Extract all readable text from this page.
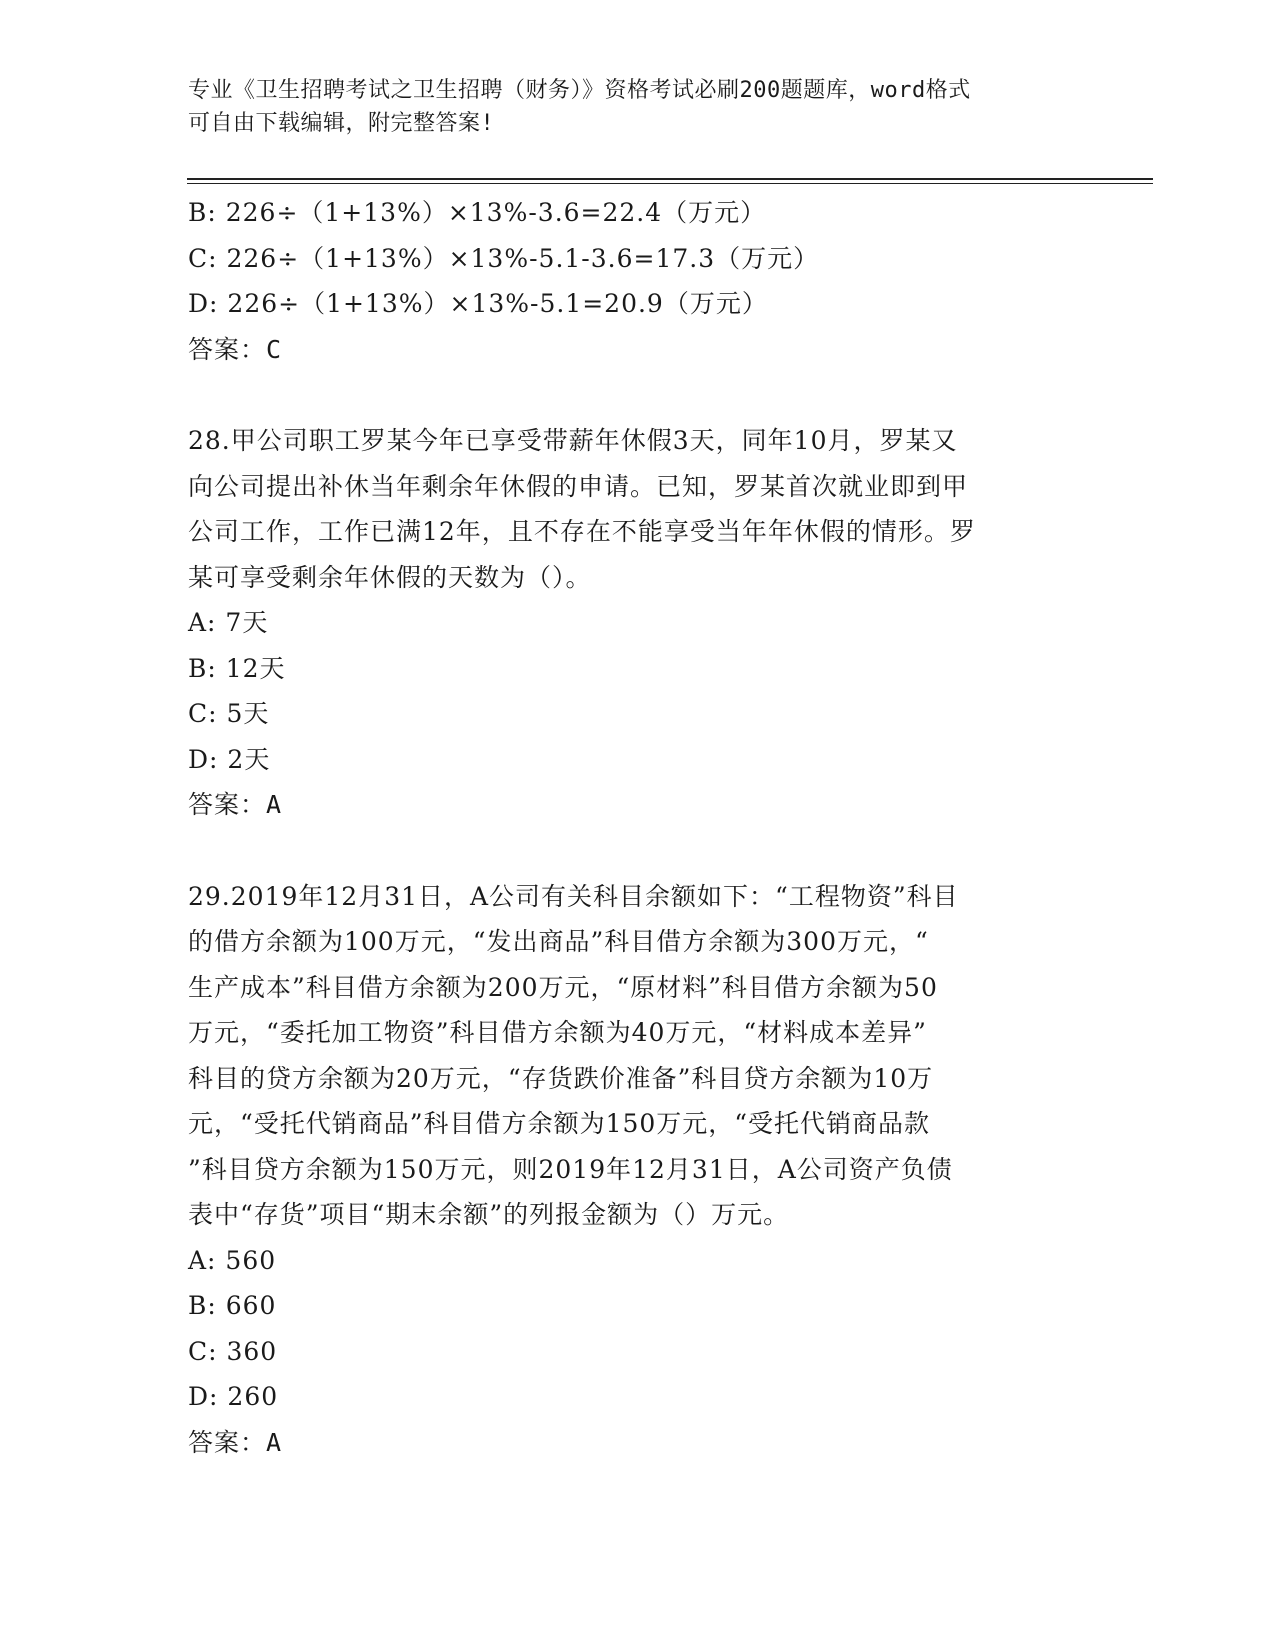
专业《卫生招聘考试之卫生招聘（财务）》资格考试必刷200题题库，word格式
可自由下载编辑，附完整答案!
B: 226÷（1+13%）×13%-3.6=22.4（万元）
C: 226÷（1+13%）×13%-5.1-3.6=17.3（万元）
D: 226÷（1+13%）×13%-5.1=20.9（万元）
答案：C
28.甲公司职工罗某今年已享受带薪年休假3天，同年10月，罗某又
向公司提出补休当年剩余年休假的申请。已知，罗某首次就业即到甲
公司工作，工作已满12年，且不存在不能享受当年年休假的情形。罗
某可享受剩余年休假的天数为（）。
A: 7天
B: 12天
C: 5天
D: 2天
答案：A
29.2019年12月31日，A公司有关科目余额如下：“工程物资”科目
的借方余额为100万元，“发出商品”科目借方余额为300万元，“
生产成本”科目借方余额为200万元，“原材料”科目借方余额为50
万元，“委托加工物资”科目借方余额为40万元，“材料成本差异”
科目的贷方余额为20万元，“存货跌价准备”科目贷方余额为10万
元，“受托代销商品”科目借方余额为150万元，“受托代销商品款
”科目贷方余额为150万元，则2019年12月31日，A公司资产负债
表中“存货”项目“期末余额”的列报金额为（）万元。
A: 560
B: 660
C: 360
D: 260
答案：A
